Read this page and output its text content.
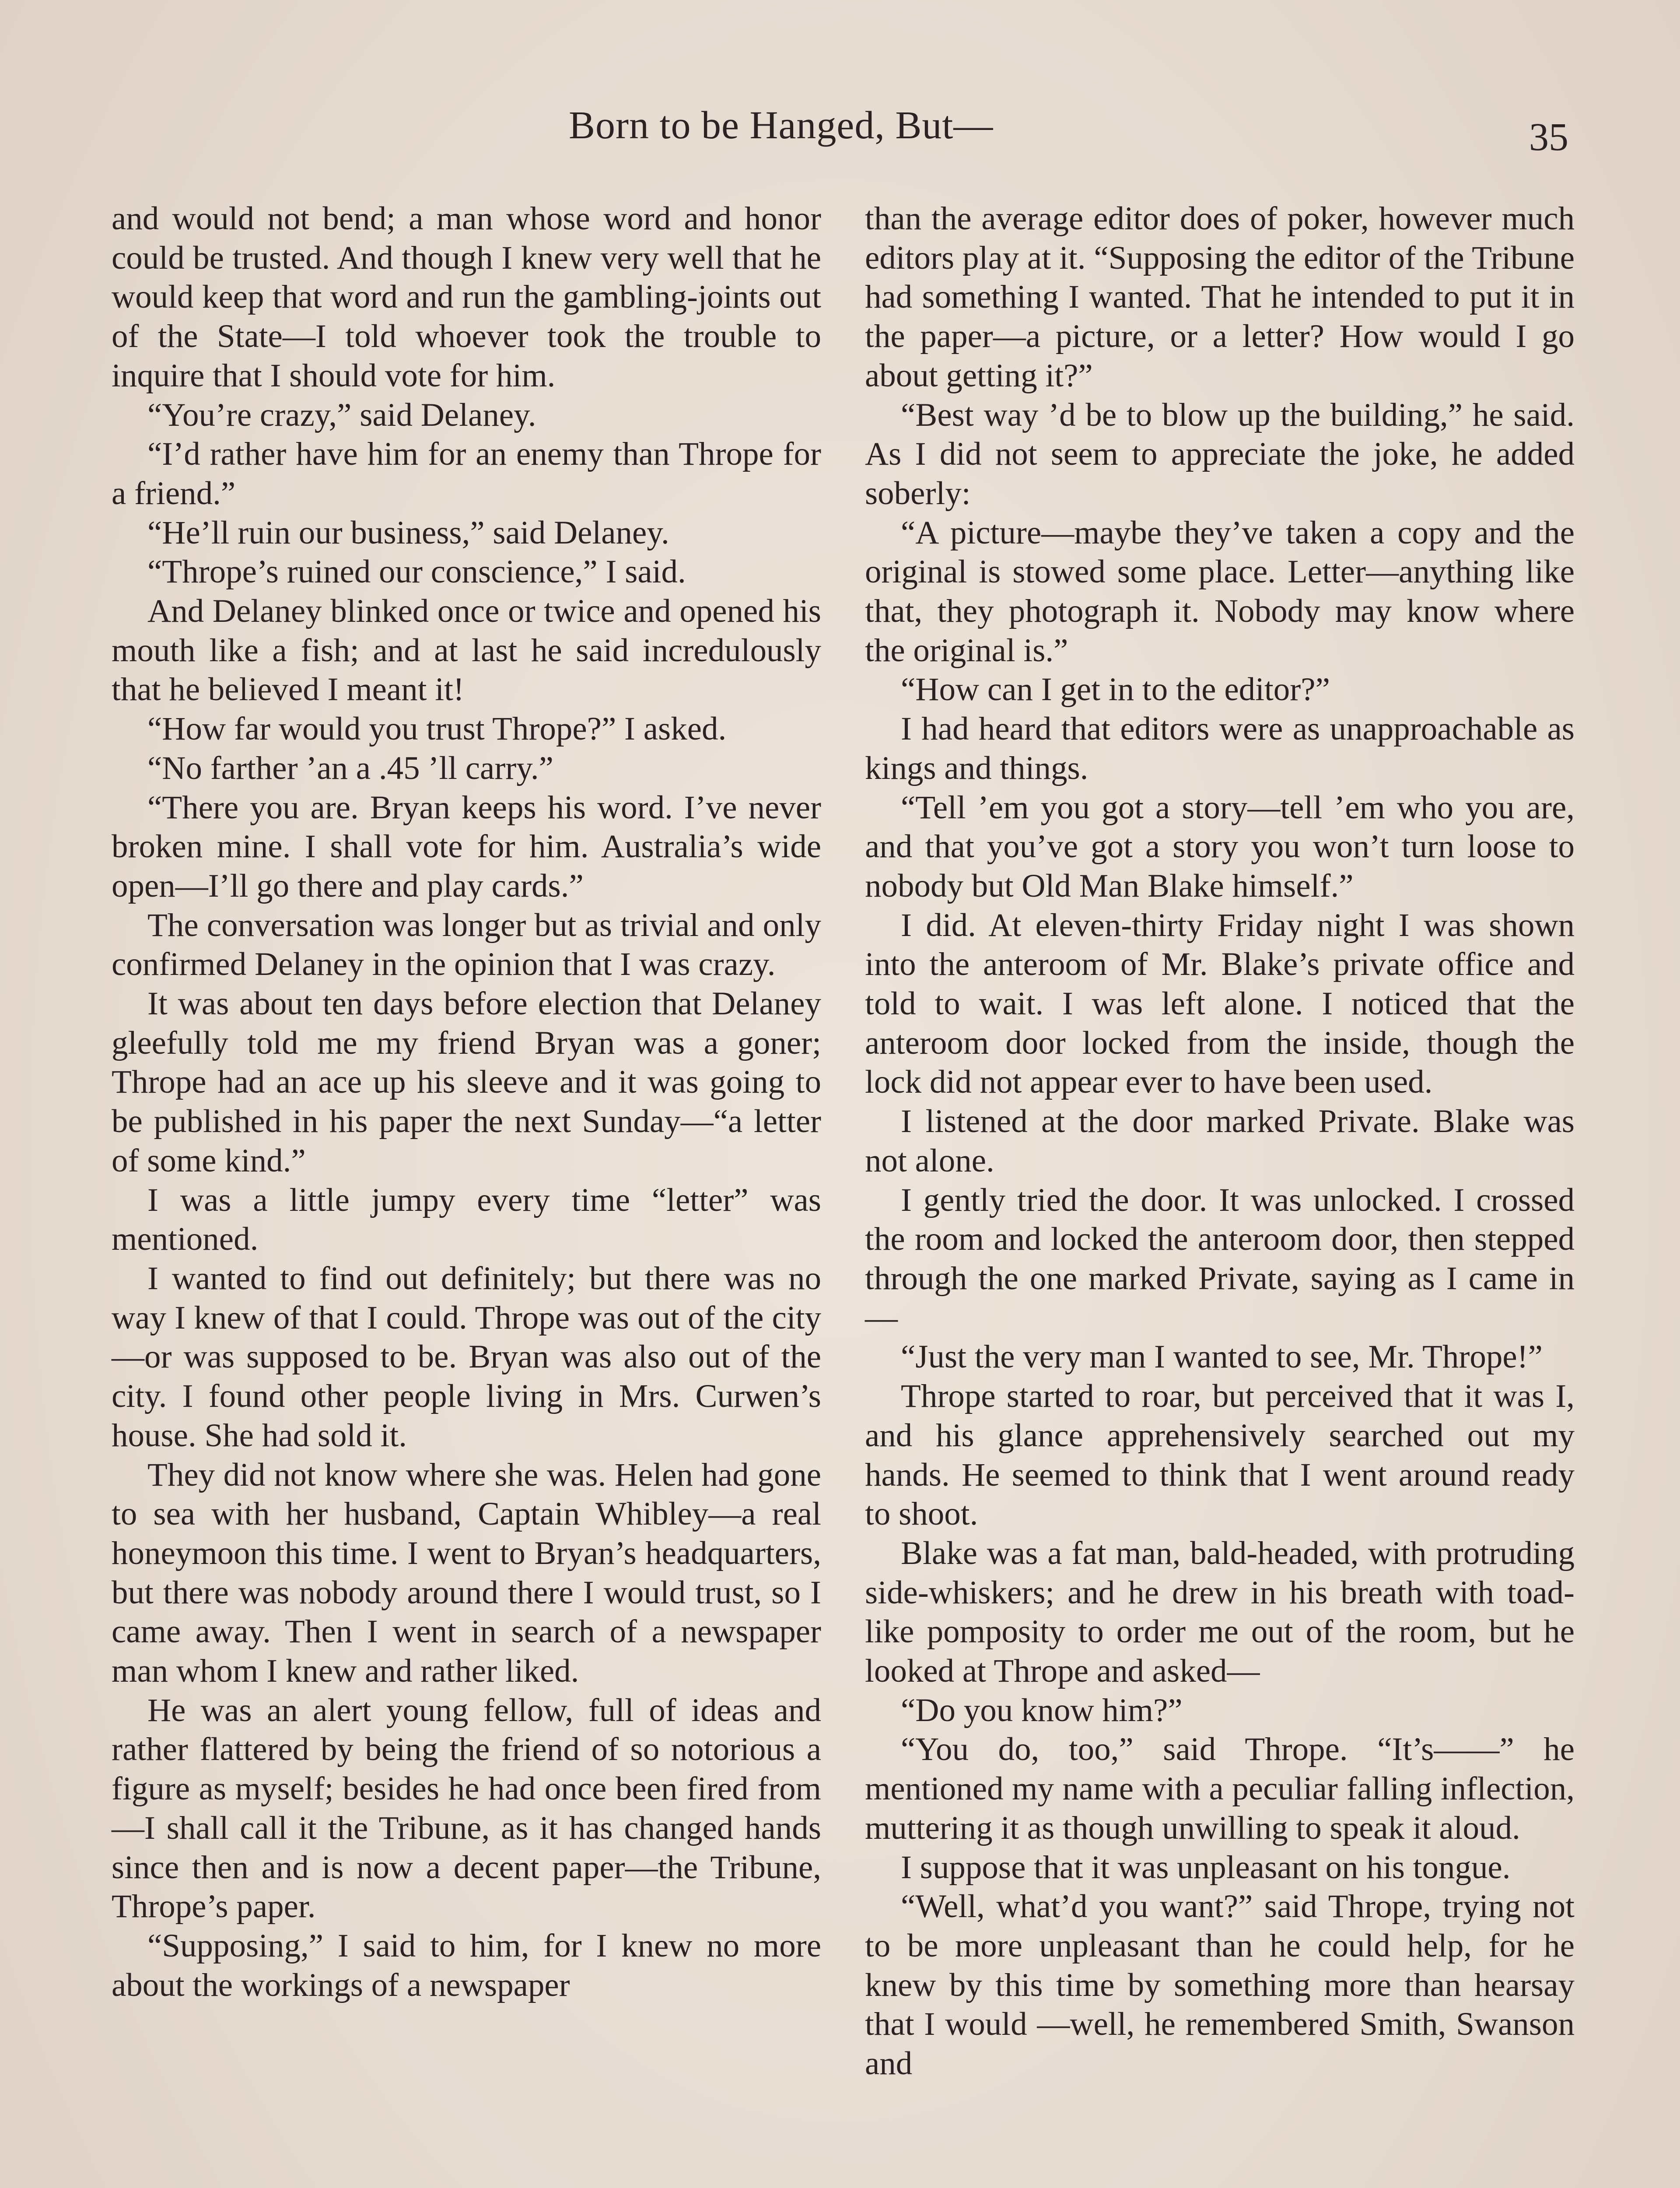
Born to be Hanged, But—	35

and would not bend; a man whose word and honor could be trusted. And though I knew very well that he would keep that word and run the gambling-joints out of the State—I told whoever took the trouble to inquire that I should vote for him.

“You’re crazy,” said Delaney.

“I’d rather have him for an enemy than Thrope for a friend.”

“He’ll ruin our business,” said Delaney.

“Thrope’s ruined our conscience,” I said.

And Delaney blinked once or twice and opened his mouth like a fish; and at last he said incredulously that he believed I meant it!

“How far would you trust Thrope?” I asked.

“No farther ’an a .45 ’ll carry.”

“There you are. Bryan keeps his word. I’ve never broken mine. I shall vote for him. Australia’s wide open—I’ll go there and play cards.”

The conversation was longer but as trivial and only confirmed Delaney in the opinion that I was crazy.

It was about ten days before election that Delaney gleefully told me my friend Bryan was a goner; Thrope had an ace up his sleeve and it was going to be published in his paper the next Sunday—“a letter of some kind.”

I was a little jumpy every time “letter” was mentioned.

I wanted to find out definitely; but there was no way I knew of that I could. Thrope was out of the city—or was supposed to be. Bryan was also out of the city. I found other people living in Mrs. Curwen’s house. She had sold it.

They did not know where she was. Helen had gone to sea with her husband, Captain Whibley—a real honeymoon this time. I went to Bryan’s headquarters, but there was nobody around there I would trust, so I came away. Then I went in search of a newspaper man whom I knew and rather liked.

He was an alert young fellow, full of ideas and rather flattered by being the friend of so notorious a figure as myself; besides he had once been fired from—I shall call it the Tribune, as it has changed hands since then and is now a decent paper—the Tribune, Thrope’s paper.

“Supposing,” I said to him, for I knew no more about the workings of a newspaper

than the average editor does of poker, however much editors play at it. “Supposing the editor of the Tribune had something I wanted. That he intended to put it in the paper—a picture, or a letter? How would I go about getting it?”

“Best way ’d be to blow up the building,” he said. As I did not seem to appreciate the joke, he added soberly:

“A picture—maybe they’ve taken a copy and the original is stowed some place. Letter—anything like that, they photograph it. Nobody may know where the original is.”

“How can I get in to the editor?”

I had heard that editors were as unapproachable as kings and things.

“Tell ’em you got a story—tell ’em who you are, and that you’ve got a story you won’t turn loose to nobody but Old Man Blake himself.”

I did. At eleven-thirty Friday night I was shown into the anteroom of Mr. Blake’s private office and told to wait. I was left alone. I noticed that the anteroom door locked from the inside, though the lock did not appear ever to have been used.

I listened at the door marked Private. Blake was not alone.

I gently tried the door. It was unlocked. I crossed the room and locked the anteroom door, then stepped through the one marked Private, saying as I came in—

“Just the very man I wanted to see, Mr. Thrope!”

Thrope started to roar, but perceived that it was I, and his glance apprehensively searched out my hands. He seemed to think that I went around ready to shoot.

Blake was a fat man, bald-headed, with protruding side-whiskers; and he drew in his breath with toad-like pomposity to order me out of the room, but he looked at Thrope and asked—

“Do you know him?”

“You do, too,” said Thrope. “It’s——” he mentioned my name with a peculiar falling inflection, muttering it as though unwilling to speak it aloud.

I suppose that it was unpleasant on his tongue.

“Well, what’d you want?” said Thrope, trying not to be more unpleasant than he could help, for he knew by this time by something more than hearsay that I would —well, he remembered Smith, Swanson and
